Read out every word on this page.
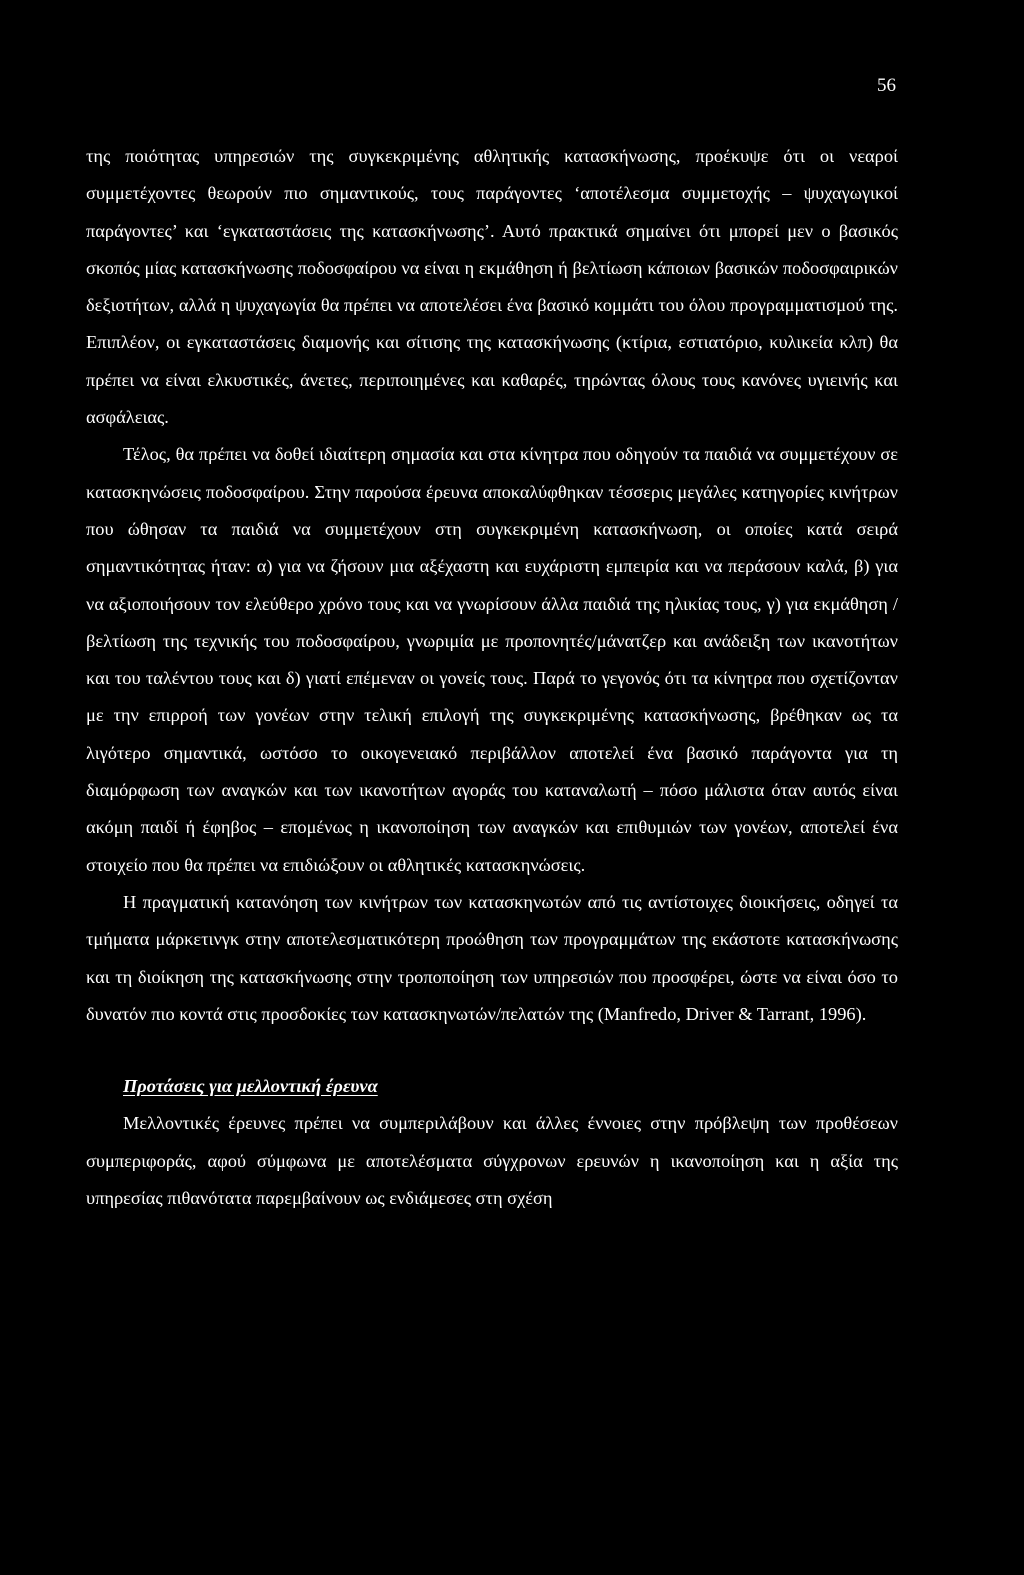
56

της ποιότητας υπηρεσιών της συγκεκριμένης αθλητικής κατασκήνωσης, προέκυψε ότι οι νεαροί συμμετέχοντες θεωρούν πιο σημαντικούς, τους παράγοντες ‘αποτέλεσμα συμμετοχής – ψυχαγωγικοί παράγοντες’ και ‘εγκαταστάσεις της κατασκήνωσης’. Αυτό πρακτικά σημαίνει ότι μπορεί μεν ο βασικός σκοπός μίας κατασκήνωσης ποδοσφαίρου να είναι η εκμάθηση ή βελτίωση κάποιων βασικών ποδοσφαιρικών δεξιοτήτων, αλλά η ψυχαγωγία θα πρέπει να αποτελέσει ένα βασικό κομμάτι του όλου προγραμματισμού της. Επιπλέον, οι εγκαταστάσεις διαμονής και σίτισης της κατασκήνωσης (κτίρια, εστιατόριο, κυλικεία κλπ) θα πρέπει να είναι ελκυστικές, άνετες, περιποιημένες και καθαρές, τηρώντας όλους τους κανόνες υγιεινής και ασφάλειας.

Τέλος, θα πρέπει να δοθεί ιδιαίτερη σημασία και στα κίνητρα που οδηγούν τα παιδιά να συμμετέχουν σε κατασκηνώσεις ποδοσφαίρου. Στην παρούσα έρευνα αποκαλύφθηκαν τέσσερις μεγάλες κατηγορίες κινήτρων που ώθησαν τα παιδιά να συμμετέχουν στη συγκεκριμένη κατασκήνωση, οι οποίες κατά σειρά σημαντικότητας ήταν: α) για να ζήσουν μια αξέχαστη και ευχάριστη εμπειρία και να περάσουν καλά, β) για να αξιοποιήσουν τον ελεύθερο χρόνο τους και να γνωρίσουν άλλα παιδιά της ηλικίας τους, γ) για εκμάθηση / βελτίωση της τεχνικής του ποδοσφαίρου, γνωριμία με προπονητές/μάνατζερ και ανάδειξη των ικανοτήτων και του ταλέντου τους και δ) γιατί επέμεναν οι γονείς τους. Παρά το γεγονός ότι τα κίνητρα που σχετίζονταν με την επιρροή των γονέων στην τελική επιλογή της συγκεκριμένης κατασκήνωσης, βρέθηκαν ως τα λιγότερο σημαντικά, ωστόσο το οικογενειακό περιβάλλον αποτελεί ένα βασικό παράγοντα για τη διαμόρφωση των αναγκών και των ικανοτήτων αγοράς του καταναλωτή – πόσο μάλιστα όταν αυτός είναι ακόμη παιδί ή έφηβος – επομένως η ικανοποίηση των αναγκών και επιθυμιών των γονέων, αποτελεί ένα στοιχείο που θα πρέπει να επιδιώξουν οι αθλητικές κατασκηνώσεις.

Η πραγματική κατανόηση των κινήτρων των κατασκηνωτών από τις αντίστοιχες διοικήσεις, οδηγεί τα τμήματα μάρκετινγκ στην αποτελεσματικότερη προώθηση των προγραμμάτων της εκάστοτε κατασκήνωσης και τη διοίκηση της κατασκήνωσης στην τροποποίηση των υπηρεσιών που προσφέρει, ώστε να είναι όσο το δυνατόν πιο κοντά στις προσδοκίες των κατασκηνωτών/πελατών της (Manfredo, Driver & Tarrant, 1996).

Προτάσεις για μελλοντική έρευνα

Μελλοντικές έρευνες πρέπει να συμπεριλάβουν και άλλες έννοιες στην πρόβλεψη των προθέσεων συμπεριφοράς, αφού σύμφωνα με αποτελέσματα σύγχρονων ερευνών η ικανοποίηση και η αξία της υπηρεσίας πιθανότατα παρεμβαίνουν ως ενδιάμεσες στη σχέση
